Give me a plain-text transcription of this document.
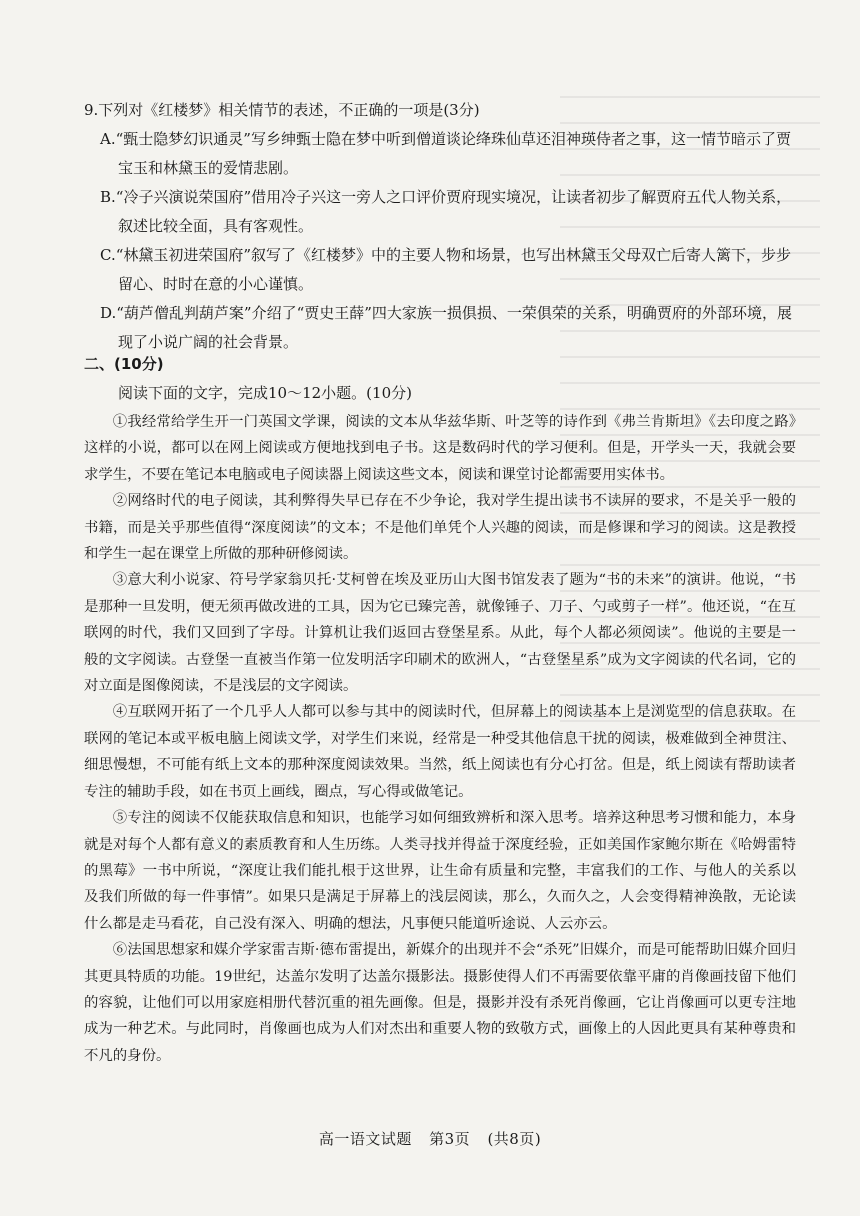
9.下列对《红楼梦》相关情节的表述，不正确的一项是(3分)

A.“甄士隐梦幻识通灵”写乡绅甄士隐在梦中听到僧道谈论绛珠仙草还泪神瑛侍者之事，这一情节暗示了贾宝玉和林黛玉的爱情悲剧。

B.“冷子兴演说荣国府”借用冷子兴这一旁人之口评价贾府现实境况，让读者初步了解贾府五代人物关系，叙述比较全面，具有客观性。

C.“林黛玉初进荣国府”叙写了《红楼梦》中的主要人物和场景，也写出林黛玉父母双亡后寄人篱下，步步留心、时时在意的小心谨慎。

D.“葫芦僧乱判葫芦案”介绍了“贾史王薛”四大家族一损俱损、一荣俱荣的关系，明确贾府的外部环境，展现了小说广阔的社会背景。

二、(10分)
阅读下面的文字，完成10～12小题。(10分)

①我经常给学生开一门英国文学课，阅读的文本从华兹华斯、叶芝等的诗作到《弗兰肯斯坦》《去印度之路》这样的小说，都可以在网上阅读或方便地找到电子书。这是数码时代的学习便利。但是，开学头一天，我就会要求学生，不要在笔记本电脑或电子阅读器上阅读这些文本，阅读和课堂讨论都需要用实体书。

②网络时代的电子阅读，其利弊得失早已存在不少争论，我对学生提出读书不读屏的要求，不是关乎一般的书籍，而是关乎那些值得“深度阅读”的文本；不是他们单凭个人兴趣的阅读，而是修课和学习的阅读。这是教授和学生一起在课堂上所做的那种研修阅读。

③意大利小说家、符号学家翁贝托·艾柯曾在埃及亚历山大图书馆发表了题为“书的未来”的演讲。他说，“书是那种一旦发明，便无须再做改进的工具，因为它已臻完善，就像锤子、刀子、勺或剪子一样”。他还说，“在互联网的时代，我们又回到了字母。计算机让我们返回古登堡星系。从此，每个人都必须阅读”。他说的主要是一般的文字阅读。古登堡一直被当作第一位发明活字印刷术的欧洲人，“古登堡星系”成为文字阅读的代名词，它的对立面是图像阅读，不是浅层的文字阅读。

④互联网开拓了一个几乎人人都可以参与其中的阅读时代，但屏幕上的阅读基本上是浏览型的信息获取。在联网的笔记本或平板电脑上阅读文学，对学生们来说，经常是一种受其他信息干扰的阅读，极难做到全神贯注、细思慢想，不可能有纸上文本的那种深度阅读效果。当然，纸上阅读也有分心打岔。但是，纸上阅读有帮助读者专注的辅助手段，如在书页上画线，圈点，写心得或做笔记。

⑤专注的阅读不仅能获取信息和知识，也能学习如何细致辨析和深入思考。培养这种思考习惯和能力，本身就是对每个人都有意义的素质教育和人生历练。人类寻找并得益于深度经验，正如美国作家鲍尔斯在《哈姆雷特的黑莓》一书中所说，“深度让我们能扎根于这世界，让生命有质量和完整，丰富我们的工作、与他人的关系以及我们所做的每一件事情”。如果只是满足于屏幕上的浅层阅读，那么，久而久之，人会变得精神涣散，无论读什么都是走马看花，自己没有深入、明确的想法，凡事便只能道听途说、人云亦云。

⑥法国思想家和媒介学家雷吉斯·德布雷提出，新媒介的出现并不会“杀死”旧媒介，而是可能帮助旧媒介回归其更具特质的功能。19世纪，达盖尔发明了达盖尔摄影法。摄影使得人们不再需要依靠平庸的肖像画技留下他们的容貌，让他们可以用家庭相册代替沉重的祖先画像。但是，摄影并没有杀死肖像画，它让肖像画可以更专注地成为一种艺术。与此同时，肖像画也成为人们对杰出和重要人物的致敬方式，画像上的人因此更具有某种尊贵和不凡的身份。

高一语文试题 第3页 (共8页)
